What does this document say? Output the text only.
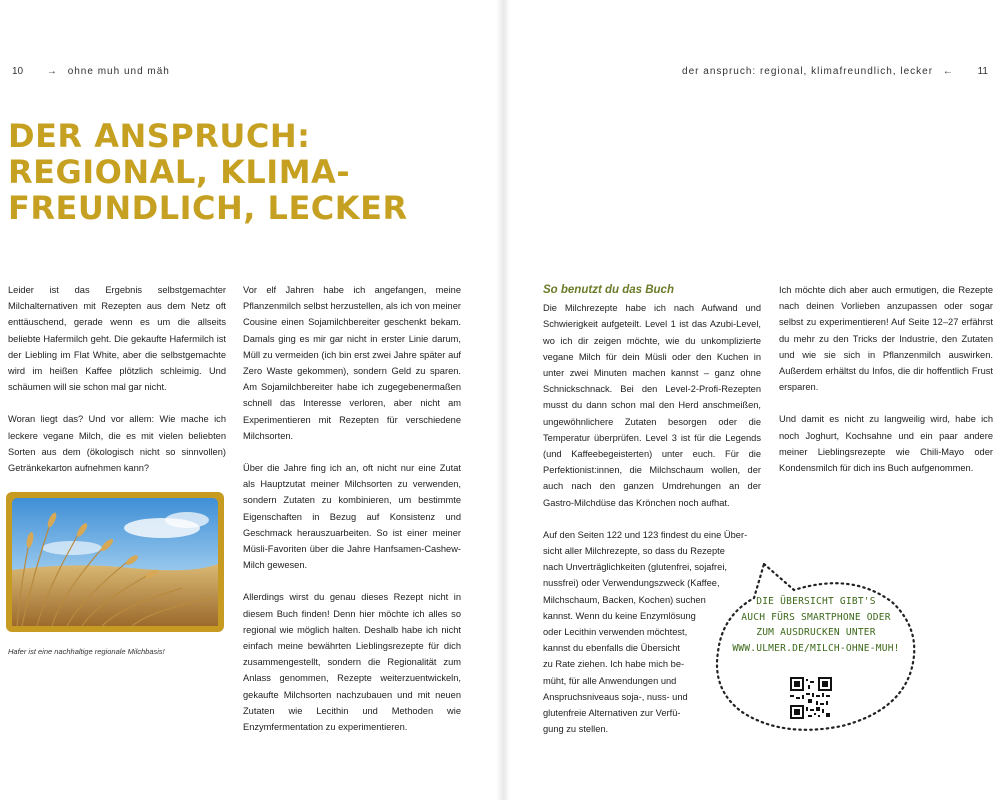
10 → ohne muh und mäh	der anspruch: regional, klimafreundlich, lecker ← 11
DER ANSPRUCH:
REGIONAL, KLIMA-
FREUNDLICH, LECKER

Leider ist das Ergebnis selbstgemachter Milchalternativen mit Rezepten aus dem Netz oft enttäuschend, gerade wenn es um die allseits beliebte Hafermilch geht. Die gekaufte Hafermilch ist der Liebling im Flat White, aber die selbstgemachte wird im heißen Kaffee plötzlich schleimig. Und schäumen will sie schon mal gar nicht.

Woran liegt das? Und vor allem: Wie mache ich leckere vegane Milch, die es mit vielen beliebten Sorten aus dem (ökologisch nicht so sinnvollen) Getränkekarton aufnehmen kann?

Hafer ist eine nachhaltige regionale Milchbasis!

Vor elf Jahren habe ich angefangen, meine Pflanzenmilch selbst herzustellen, als ich von meiner Cousine einen Sojamilchbereiter geschenkt bekam. Damals ging es mir gar nicht in erster Linie darum, Müll zu vermeiden (ich bin erst zwei Jahre später auf Zero Waste gekommen), sondern Geld zu sparen. Am Sojamilchbereiter habe ich zugegebenermaßen schnell das Interesse verloren, aber nicht am Experimentieren mit Rezepten für verschiedene Milchsorten.

Über die Jahre fing ich an, oft nicht nur eine Zutat als Hauptzutat meiner Milchsorten zu verwenden, sondern Zutaten zu kombinieren, um bestimmte Eigenschaften in Bezug auf Konsistenz und Geschmack herauszuarbeiten. So ist einer meiner Müsli-Favoriten über die Jahre Hanfsamen-Cashew-Milch gewesen.

Allerdings wirst du genau dieses Rezept nicht in diesem Buch finden! Denn hier möchte ich alles so regional wie möglich halten. Deshalb habe ich nicht einfach meine bewährten Lieblingsrezepte für dich zusammengestellt, sondern die Regionalität zum Anlass genommen, Rezepte weiterzuentwickeln, gekaufte Milchsorten nachzubauen und mit neuen Zutaten wie Lecithin und Methoden wie Enzymfermentation zu experimentieren.

So benutzt du das Buch

Die Milchrezepte habe ich nach Aufwand und Schwierigkeit aufgeteilt. Level 1 ist das Azubi-Level, wo ich dir zeigen möchte, wie du unkomplizierte vegane Milch für dein Müsli oder den Kuchen in unter zwei Minuten machen kannst – ganz ohne Schnickschnack. Bei den Level-2-Profi-Rezepten musst du dann schon mal den Herd anschmeißen, ungewöhnlichere Zutaten besorgen oder die Temperatur überprüfen. Level 3 ist für die Legends (und Kaffeebegeisterten) unter euch. Für die Perfektionist:innen, die Milchschaum wollen, der auch nach den ganzen Umdrehungen an der Gastro-Milchdüse das Krönchen noch aufhat.

Auf den Seiten 122 und 123 findest du eine Über-
sicht aller Milchrezepte, so dass du Rezepte
nach Unverträglichkeiten (glutenfrei, sojafrei,
nussfrei) oder Verwendungszweck (Kaffee,
Milchschaum, Backen, Kochen) suchen
kannst. Wenn du keine Enzymlösung
oder Lecithin verwenden möchtest,
kannst du ebenfalls die Übersicht
zu Rate ziehen. Ich habe mich be-
müht, für alle Anwendungen und
Anspruchsniveaus soja-, nuss- und
glutenfreie Alternativen zur Verfü-
gung zu stellen.

Ich möchte dich aber auch ermutigen, die Rezepte nach deinen Vorlieben anzupassen oder sogar selbst zu experimentieren! Auf Seite 12–27 erfährst du mehr zu den Tricks der Industrie, den Zutaten und wie sie sich in Pflanzenmilch auswirken. Außerdem erhältst du Infos, die dir hoffentlich Frust ersparen.

Und damit es nicht zu langweilig wird, habe ich noch Joghurt, Kochsahne und ein paar andere meiner Lieblingsrezepte wie Chili-Mayo oder Kondensmilch für dich ins Buch aufgenommen.

DIE ÜBERSICHT GIBT'S
AUCH FÜRS SMARTPHONE ODER
ZUM AUSDRUCKEN UNTER
WWW.ULMER.DE/MILCH-OHNE-MUH!
